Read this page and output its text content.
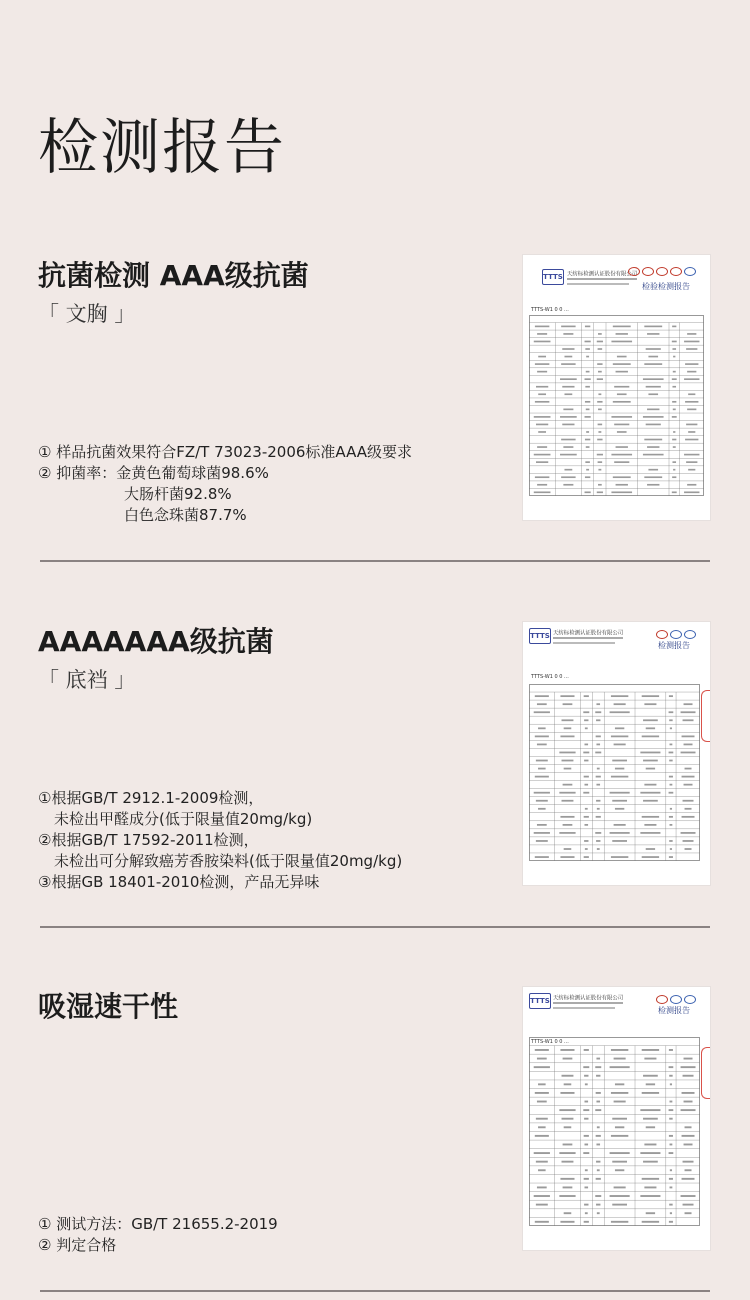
检测报告
抗菌检测 AAA级抗菌
「 文胸 」
① 样品抗菌效果符合FZ/T 73023-2006标准AAA级要求
② 抑菌率：金黄色葡萄球菌98.6%
大肠杆菌92.8%
白色念珠菌87.7%
TTTS 天纺标检测认证股份有限公司
检验检测报告
TTTS-W1 0 0 ...
AAAAAAA级抗菌
「 底裆 」
①根据GB/T 2912.1-2009检测，
未检出甲醛成分(低于限量值20mg/kg)
②根据GB/T 17592-2011检测，
未检出可分解致癌芳香胺染料(低于限量值20mg/kg)
③根据GB 18401-2010检测，产品无异味
TTTS 天纺标检测认证股份有限公司
检测报告
TTTS-W1 0 0 ...
吸湿速干性
① 测试方法：GB/T 21655.2-2019
② 判定合格
TTTS 天纺标检测认证股份有限公司
检测报告
TTTS-W1 0 0 ...
